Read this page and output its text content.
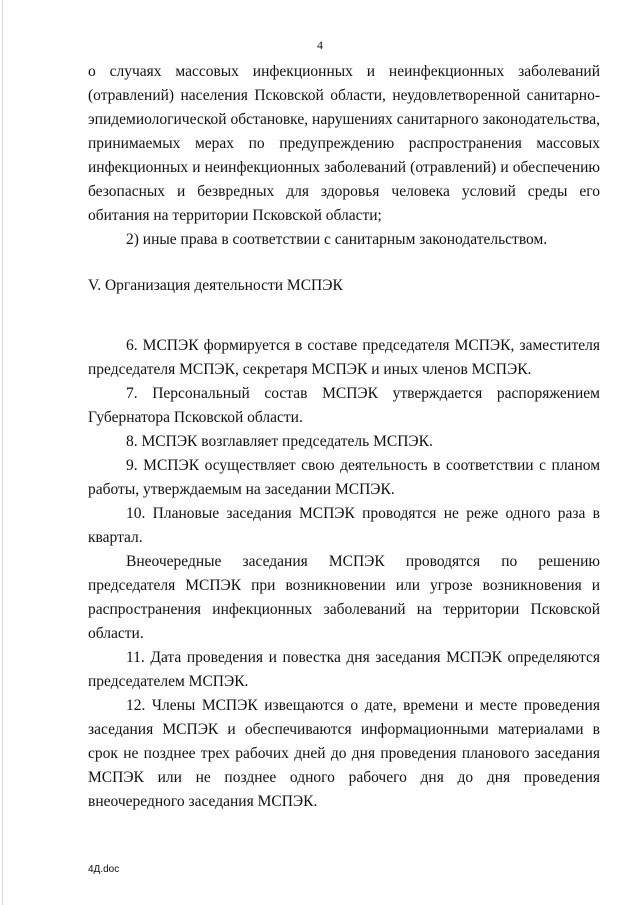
4

о случаях массовых инфекционных и неинфекционных заболеваний (отравлений) населения Псковской области, неудовлетворенной санитарно-эпидемиологической обстановке, нарушениях санитарного законодательства, принимаемых мерах по предупреждению распространения массовых инфекционных и неинфекционных заболеваний (отравлений) и обеспечению безопасных и безвредных для здоровья человека условий среды его обитания на территории Псковской области;

2) иные права в соответствии с санитарным законодательством.

V. Организация деятельности МСПЭК

6. МСПЭК формируется в составе председателя МСПЭК, заместителя председателя МСПЭК, секретаря МСПЭК и иных членов МСПЭК.

7. Персональный состав МСПЭК утверждается распоряжением Губернатора Псковской области.

8. МСПЭК возглавляет председатель МСПЭК.

9. МСПЭК осуществляет свою деятельность в соответствии с планом работы, утверждаемым на заседании МСПЭК.

10. Плановые заседания МСПЭК проводятся не реже одного раза в квартал.

Внеочередные заседания МСПЭК проводятся по решению председателя МСПЭК при возникновении или угрозе возникновения и распространения инфекционных заболеваний на территории Псковской области.

11. Дата проведения и повестка дня заседания МСПЭК определяются председателем МСПЭК.

12. Члены МСПЭК извещаются о дате, времени и месте проведения заседания МСПЭК и обеспечиваются информационными материалами в срок не позднее трех рабочих дней до дня проведения планового заседания МСПЭК или не позднее одного рабочего дня до дня проведения внеочередного заседания МСПЭК.

4Д.doc
